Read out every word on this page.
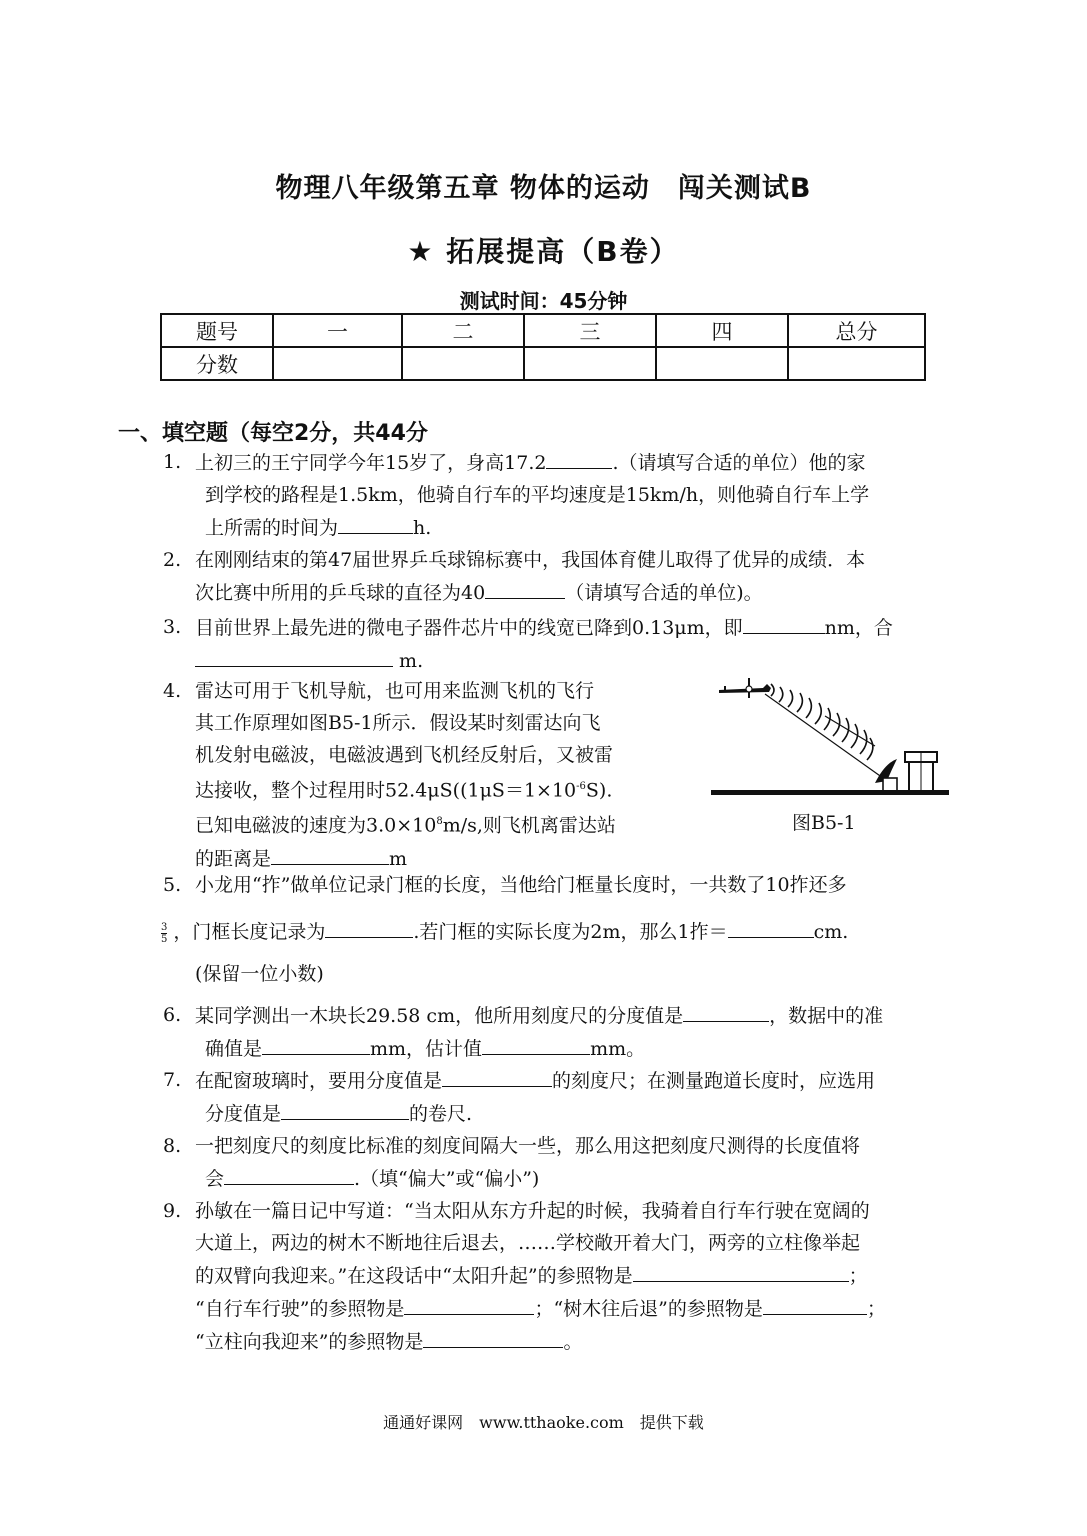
物理八年级第五章 物体的运动　闯关测试B
★ 拓展提高（B卷）
测试时间：45分钟
题号	一	二	三	四	总分
分数					
一、填空题（每空2分，共44分
1. 上初三的王宁同学今年15岁了，身高17.2	.（请填写合适的单位）他的家
到学校的路程是1.5km，他骑自行车的平均速度是15km/h，则他骑自行车上学
上所需的时间为	h.
2. 在刚刚结束的第47届世界乒乓球锦标赛中，我国体育健儿取得了优异的成绩．本
次比赛中所用的乒乓球的直径为40	（请填写合适的单位)。
3. 目前世界上最先进的微电子器件芯片中的线宽已降到0.13μm，即	nm，合
m.
4. 雷达可用于飞机导航，也可用来监测飞机的飞行
其工作原理如图B5-1所示．假设某时刻雷达向飞
机发射电磁波，电磁波遇到飞机经反射后，又被雷
达接收，整个过程用时$52.4\mu S((1\mu S=1\times 10^{-6}S)$.
已知电磁波的速度为$3.0\times 10^8m/s$,则飞机离雷达站
的距离是	m
图B5-1
5. 小龙用“拃”做单位记录门框的长度，当他给门框量长度时，一共数了10拃还多
$\frac{3}{5}$ ，门框长度记录为	.若门框的实际长度为2m，那么1拃＝	cm.
(保留一位小数)
6. 某同学测出一木块长29.58 cm，他所用刻度尺的分度值是	，数据中的准
确值是	mm，估计值	mm。
7. 在配窗玻璃时，要用分度值是	的刻度尺；在测量跑道长度时，应选用
分度值是	的卷尺.
8. 一把刻度尺的刻度比标准的刻度间隔大一些，那么用这把刻度尺测得的长度值将
会	.（填“偏大”或“偏小”)
9. 孙敏在一篇日记中写道：“当太阳从东方升起的时候，我骑着自行车行驶在宽阔的
大道上，两边的树木不断地往后退去，……学校敞开着大门，两旁的立柱像举起
的双臂向我迎来。”在这段话中“太阳升起”的参照物是	；
“自行车行驶”的参照物是	；“树木往后退”的参照物是	；
“立柱向我迎来”的参照物是	。
通通好课网　www.tthaoke.com　提供下载
